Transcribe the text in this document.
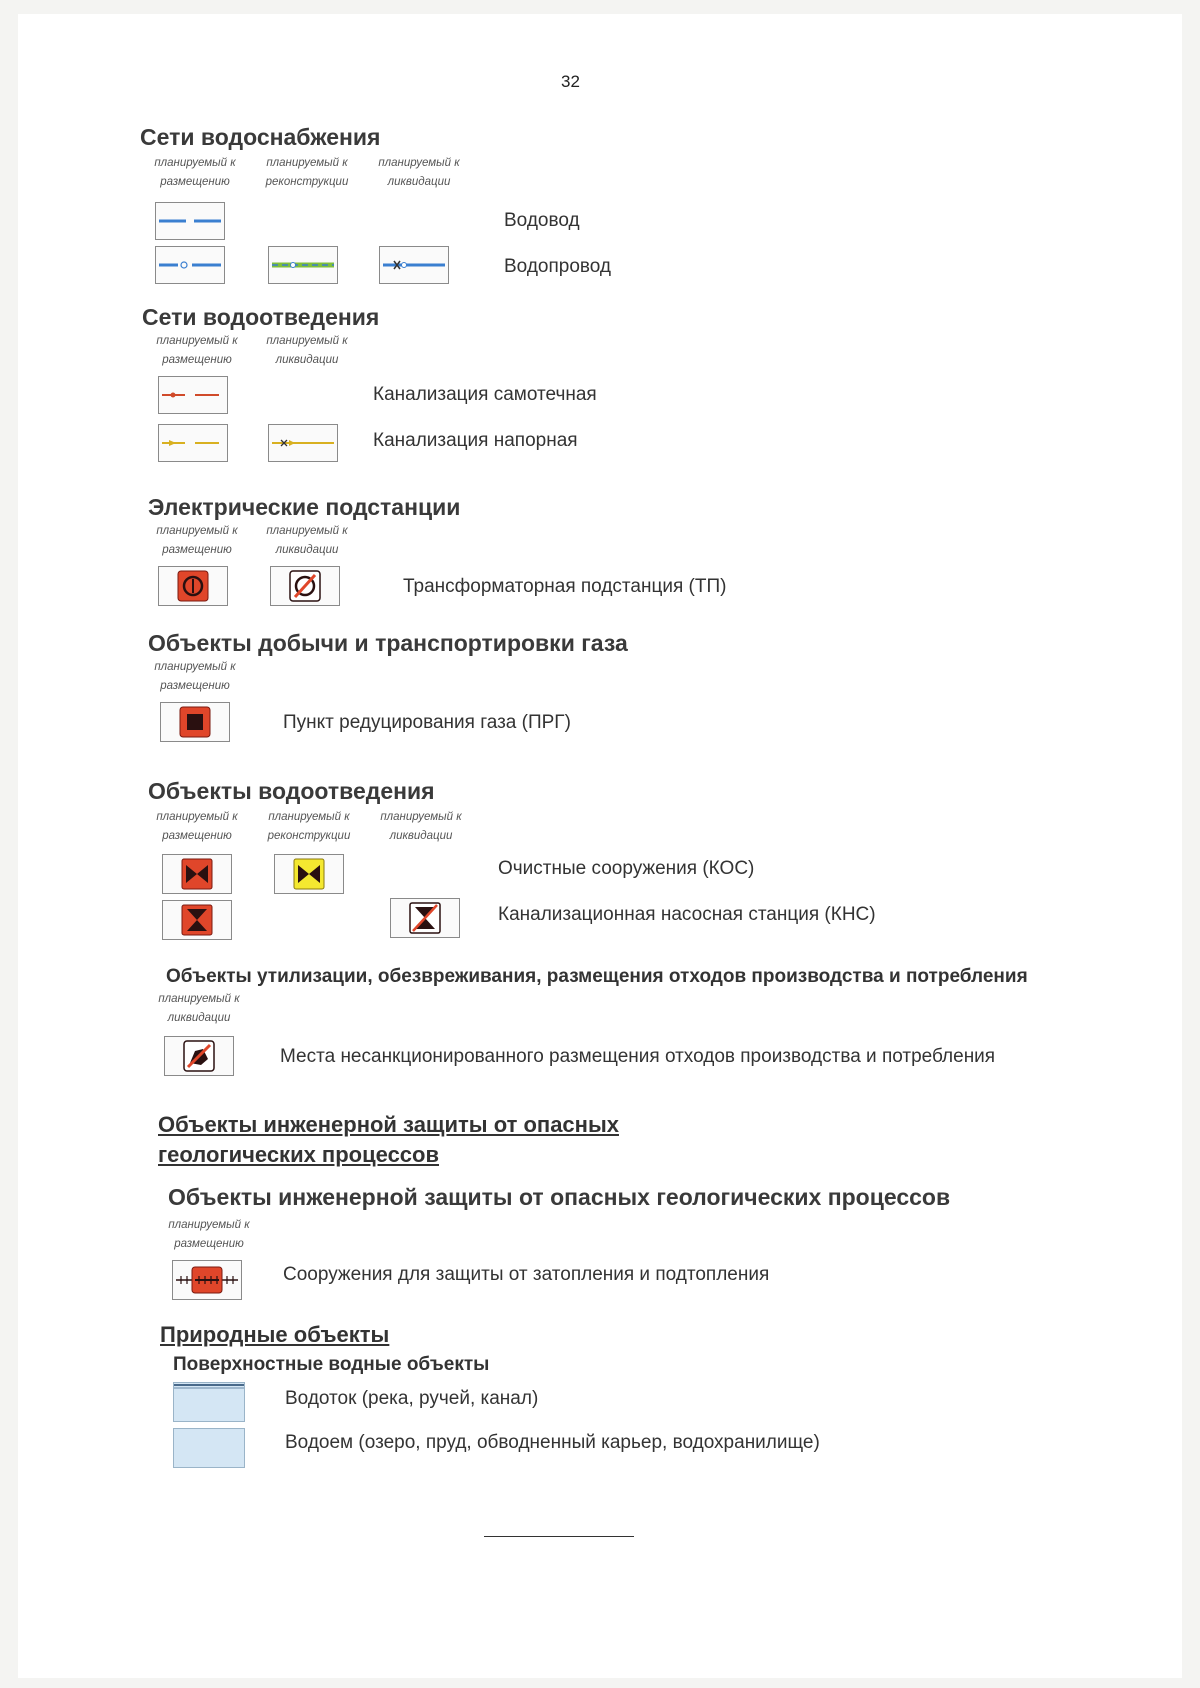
32
Сети водоснабжения
планируемый к размещению
планируемый к реконструкции
планируемый к ликвидации
Водовод
Водопровод
Сети водоотведения
планируемый к размещению
планируемый к ликвидации
Канализация самотечная
Канализация напорная
Электрические подстанции
планируемый к размещению
планируемый к ликвидации
Трансформаторная подстанция (ТП)
Объекты добычи и транспортировки газа
планируемый к размещению
Пункт редуцирования газа (ПРГ)
Объекты водоотведения
планируемый к размещению
планируемый к реконструкции
планируемый к ликвидации
Очистные сооружения (КОС)
Канализационная насосная станция (КНС)
Объекты утилизации, обезвреживания, размещения отходов производства и потребления
планируемый к ликвидации
Места несанкционированного размещения отходов производства и потребления
Объекты инженерной защиты от опасных геологических процессов
Объекты инженерной защиты от опасных геологических процессов
планируемый к размещению
Сооружения для защиты от затопления и подтопления
Природные объекты
Поверхностные водные объекты
Водоток (река, ручей, канал)
Водоем (озеро, пруд, обводненный карьер, водохранилище)
